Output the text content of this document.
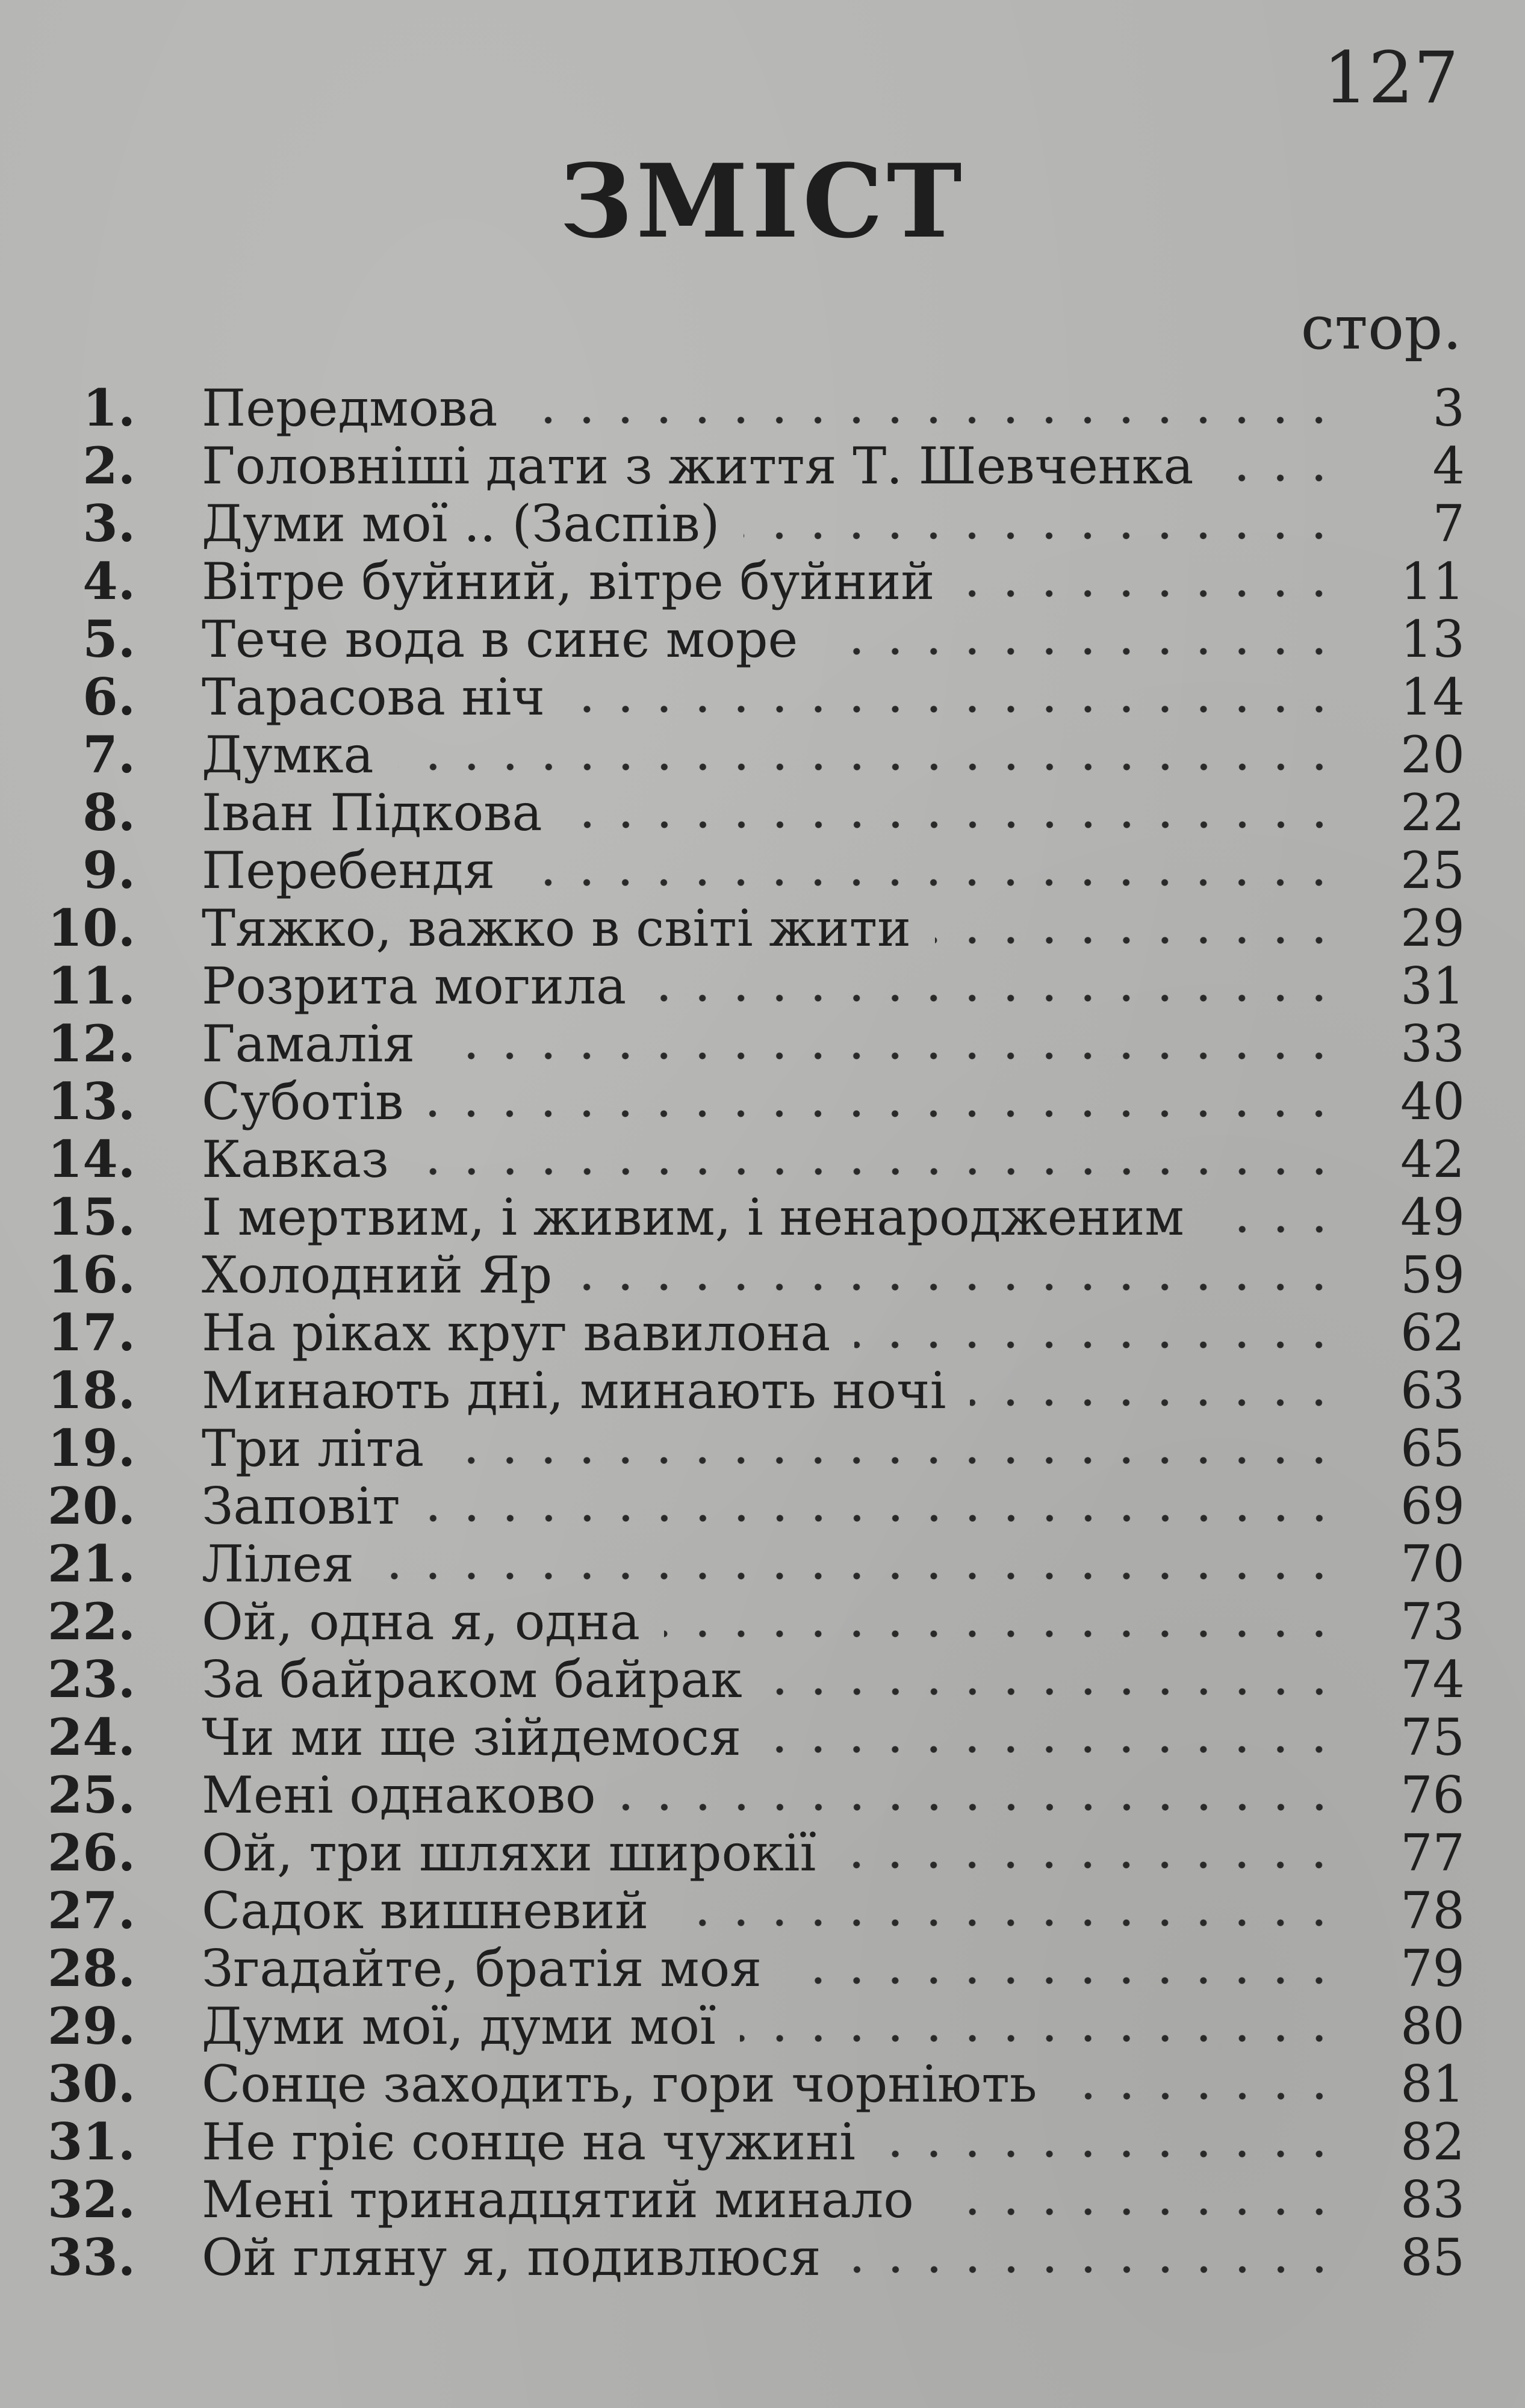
127
ЗМІСТ
стор.
1.	Передмова	3
2.	Головніші дати з життя Т. Шевченка	4
3.	Думи мої .. (Заспів)	7
4.	Вітре буйний, вітре буйний	11
5.	Тече вода в синє море	13
6.	Тарасова ніч	14
7.	Думка	20
8.	Іван Підкова	22
9.	Перебендя	25
10.	Тяжко, важко в світі жити	29
11.	Розрита могила	31
12.	Гамалія	33
13.	Суботів	40
14.	Кавказ	42
15.	І мертвим, і живим, і ненародженим	49
16.	Холодний Яр	59
17.	На ріках круг вавилона	62
18.	Минають дні, минають ночі	63
19.	Три літа	65
20.	Заповіт	69
21.	Лілея	70
22.	Ой, одна я, одна	73
23.	За байраком байрак	74
24.	Чи ми ще зійдемося	75
25.	Мені однаково	76
26.	Ой, три шляхи широкії	77
27.	Садок вишневий	78
28.	Згадайте, братія моя	79
29.	Думи мої, думи мої	80
30.	Сонце заходить, гори чорніють	81
31.	Не гріє сонце на чужині	82
32.	Мені тринадцятий минало	83
33.	Ой гляну я, подивлюся	85
